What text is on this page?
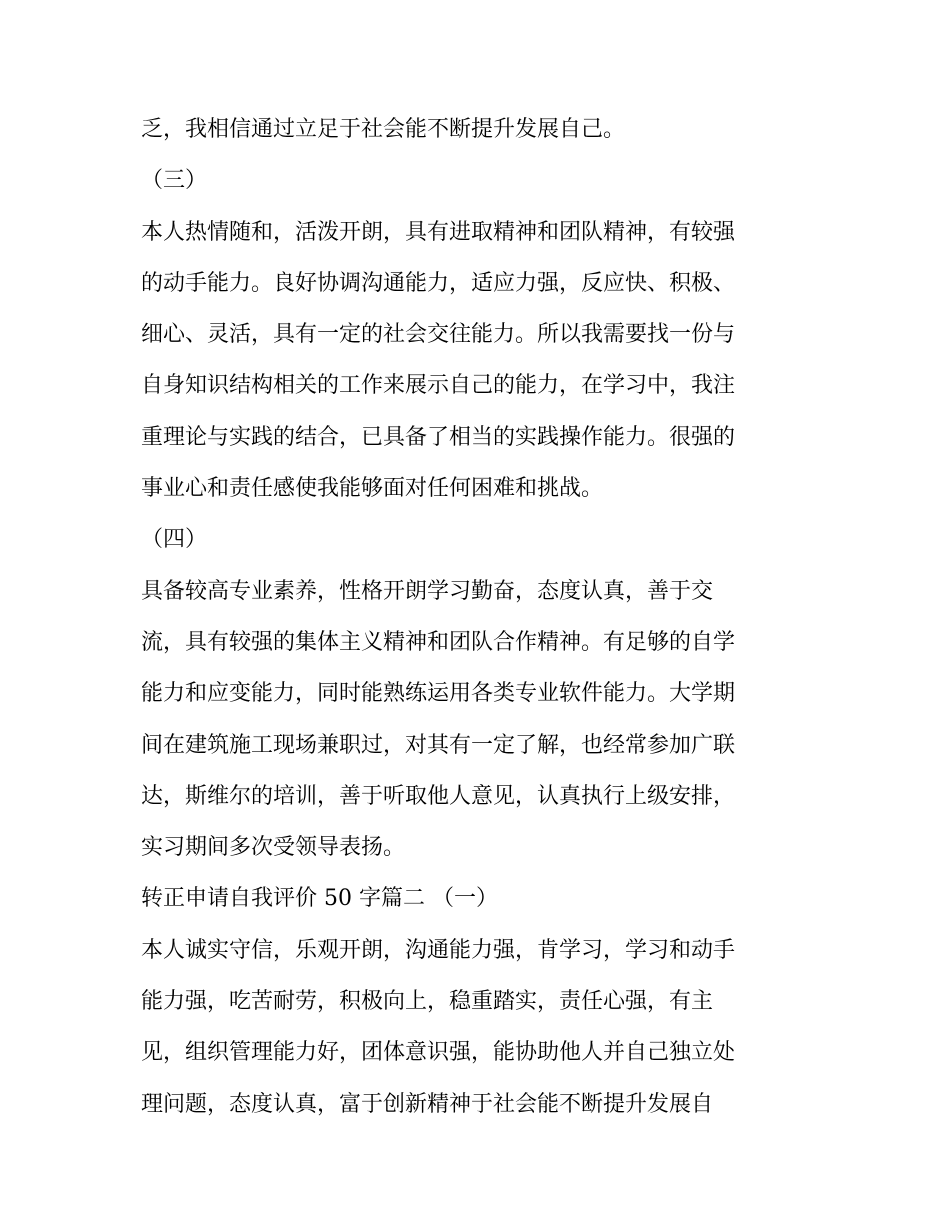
乏，我相信通过立足于社会能不断提升发展自己。
（三）
本人热情随和，活泼开朗，具有进取精神和团队精神，有较强
的动手能力。良好协调沟通能力，适应力强，反应快、积极、
细心、灵活，具有一定的社会交往能力。所以我需要找一份与
自身知识结构相关的工作来展示自己的能力，在学习中，我注
重理论与实践的结合，已具备了相当的实践操作能力。很强的
事业心和责任感使我能够面对任何困难和挑战。
（四）
具备较高专业素养，性格开朗学习勤奋，态度认真，善于交
流，具有较强的集体主义精神和团队合作精神。有足够的自学
能力和应变能力，同时能熟练运用各类专业软件能力。大学期
间在建筑施工现场兼职过，对其有一定了解，也经常参加广联
达，斯维尔的培训，善于听取他人意见，认真执行上级安排，
实习期间多次受领导表扬。
转正申请自我评价 50 字篇二 （一）
本人诚实守信，乐观开朗，沟通能力强，肯学习，学习和动手
能力强，吃苦耐劳，积极向上，稳重踏实，责任心强，有主
见，组织管理能力好，团体意识强，能协助他人并自己独立处
理问题，态度认真，富于创新精神于社会能不断提升发展自
